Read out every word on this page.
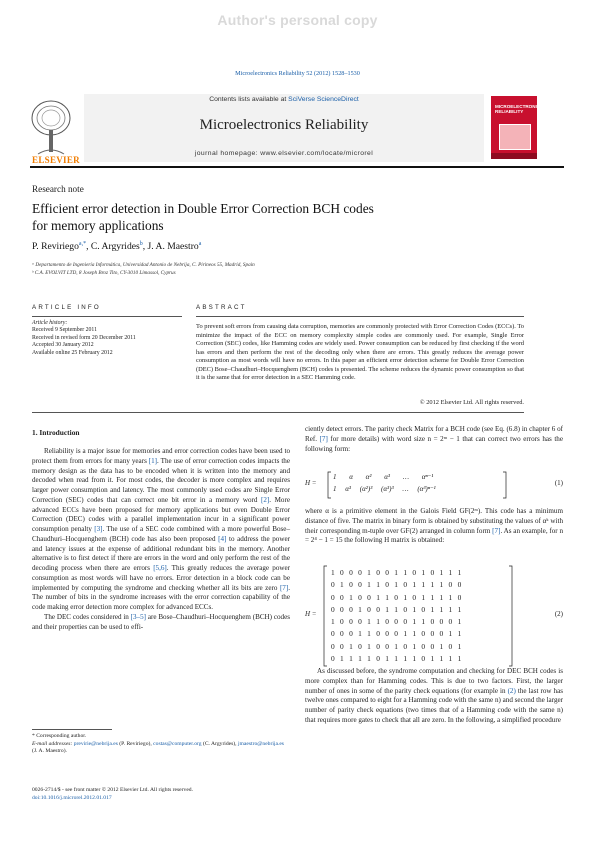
Author's personal copy
Microelectronics Reliability 52 (2012) 1528–1530
ELSEVIER
Contents lists available at SciVerse ScienceDirect
Microelectronics Reliability
journal homepage: www.elsevier.com/locate/microrel
MICROELECTRONICS RELIABILITY
Research note
Efficient error detection in Double Error Correction BCH codes
for memory applications
P. Reviriego$^{a,*}$, C. Argyrides$^b$, J. A. Maestro$^a$
ᵃ Departamento de Ingeniería Informática, Universidad Antonio de Nebrija, C. Pirineos 55, Madrid, Spain
ᵇ C.A. EVOLVIT LTD, 8 Joseph Broz Tito, CY-3010 Limassol, Cyprus
ARTICLE INFO	ABSTRACT
Article history:
Received 9 September 2011
Received in revised form 20 December 2011
Accepted 30 January 2012
Available online 25 February 2012
To prevent soft errors from causing data corruption, memories are commonly protected with Error Correction Codes (ECCs). To minimize the impact of the ECC on memory complexity simple codes are commonly used. For example, Single Error Correction (SEC) codes, like Hamming codes are widely used. Power consumption can be reduced by first checking if the word has errors and then perform the rest of the decoding only when there are errors. This greatly reduces the average power consumption as most words will have no errors. In this paper an efficient error detection scheme for Double Error Correction (DEC) Bose–Chaudhuri–Hocquenghem (BCH) codes is presented. The scheme reduces the dynamic power consumption so that it is the same that for error detection in a SEC Hamming code.
© 2012 Elsevier Ltd. All rights reserved.
1. Introduction

Reliability is a major issue for memories and error correction codes have been used to protect them from errors for many years [1]. The use of error correction codes impacts the memory design as the data has to be encoded when it is written into the memory and decoded when read from it. For most codes, the decoder is more complex and requires larger power consumption and latency. The most commonly used codes are Single Error Correction (SEC) codes that can correct one bit error in a memory word [2]. More advanced ECCs have been proposed for memory applications but even Double Error Correction (DEC) codes with a parallel implementation incur in a significant power consumption penalty [3]. The use of a SEC code combined with a more powerful Bose–Chaudhuri–Hocquenghem (BCH) code has also been proposed [4] to address the power and latency issues at the expense of additional redundant bits in the memory. Another alternative is to first detect if there are errors in the word and only perform the rest of the decoding process when there are errors [5,6]. This greatly reduces the average power consumption as most words will have no errors. Error detection in a block code can be implemented by computing the syndrome and checking whether all its bits are zero [7]. The number of bits in the syndrome increases with the error correction capability of the code making error detection more complex for advanced ECCs.

The DEC codes considered in [3–5] are Bose–Chaudhuri–Hocquenghem (BCH) codes and their properties can be used to effi-

ciently detect errors. The parity check Matrix for a BCH code (see Eq. (6.8) in chapter 6 of Ref. [7] for more details) with word size n = 2ᵐ − 1 that can correct two errors has the following form:
H =
1 α α² α³ … αⁿ⁻¹
1 α³ (α²)³ (α³)³ … (α³)ⁿ⁻¹
(1)
where α is a primitive element in the Galois Field GF(2ᵐ). This code has a minimum distance of five. The matrix in binary form is obtained by substituting the values of αᵏ with their corresponding m-tuple over GF(2) arranged in column form [7]. As an example, for n = 2⁴ − 1 = 15 the following H matrix is obtained:
H =
1 0 0 0 1 0 0 1 1 0 1 0 1 1 1
0 1 0 0 1 1 0 1 0 1 1 1 1 0 0
0 0 1 0 0 1 1 0 1 0 1 1 1 1 0
0 0 0 1 0 0 1 1 0 1 0 1 1 1 1
1 0 0 0 1 1 0 0 0 1 1 0 0 0 1
0 0 0 1 1 0 0 0 1 1 0 0 0 1 1
0 0 1 0 1 0 0 1 0 1 0 0 1 0 1
0 1 1 1 1 0 1 1 1 1 0 1 1 1 1
(2)

As discussed before, the syndrome computation and checking for DEC BCH codes is more complex than for Hamming codes. This is due to two factors. First, the larger number of ones in some of the parity check equations (for example in (2) the last row has twelve ones compared to eight for a Hamming code with the same n) and second the larger number of parity check equations (two times that of a Hamming code with the same n) that requires more gates to check that all are zero. In the following, a simplified procedure

* Corresponding author.
E-mail addresses: previrie@nebrija.es (P. Reviriego), costas@computer.org (C. Argyrides), jmaestro@nebrija.es (J. A. Maestro).
0026-2714/$ - see front matter © 2012 Elsevier Ltd. All rights reserved.
doi:10.1016/j.microrel.2012.01.017
